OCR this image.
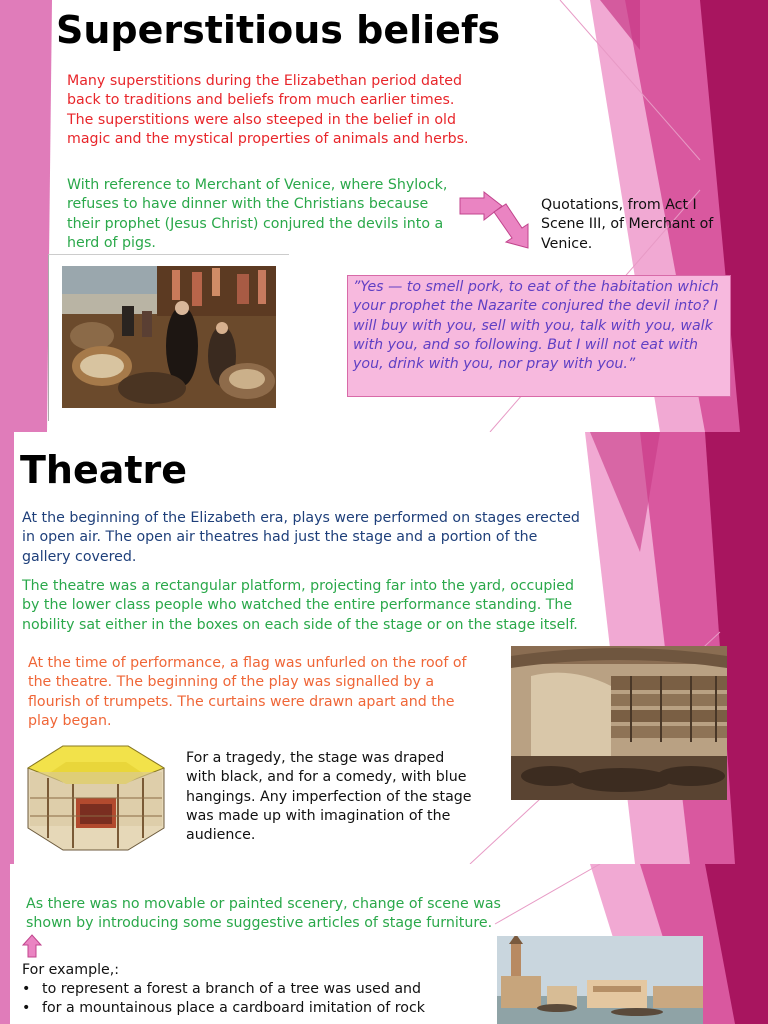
Superstitious beliefs

Many superstitions during the Elizabethan period dated back to traditions and beliefs from much earlier times. The superstitions were also steeped in the belief in old magic and the mystical properties of animals and herbs.

With reference to Merchant of Venice, where Shylock, refuses to have dinner with the Christians because their prophet (Jesus Christ) conjured the devils into a herd of pigs.

Quotations, from Act I Scene III, of Merchant of Venice.

”Yes — to smell pork, to eat of the habitation which your prophet the Nazarite conjured the devil into? I will buy with you, sell with you, talk with you, walk with you, and so following. But I will not eat with you, drink with you, nor pray with you.”
Theatre

At the beginning of the Elizabeth era, plays were performed on stages erected in open air. The open air theatres had just the stage and a portion of the gallery covered.

The theatre was a rectangular platform, projecting far into the yard, occupied by the lower class people who watched the entire performance standing. The nobility sat either in the boxes on each side of the stage or on the stage itself.

At the time of performance, a flag was unfurled on the roof of the theatre. The beginning of the play was signalled by a flourish of trumpets. The curtains were drawn apart and the play began.

For a tragedy, the stage was draped with black, and for a comedy, with blue hangings. Any imperfection of the stage was made up with imagination of the audience.

As there was no movable or painted scenery, change of scene was shown by introducing some suggestive articles of stage furniture.

For example,:

• to represent a forest a branch of a tree was used and
• for a mountainous place a cardboard imitation of rock
